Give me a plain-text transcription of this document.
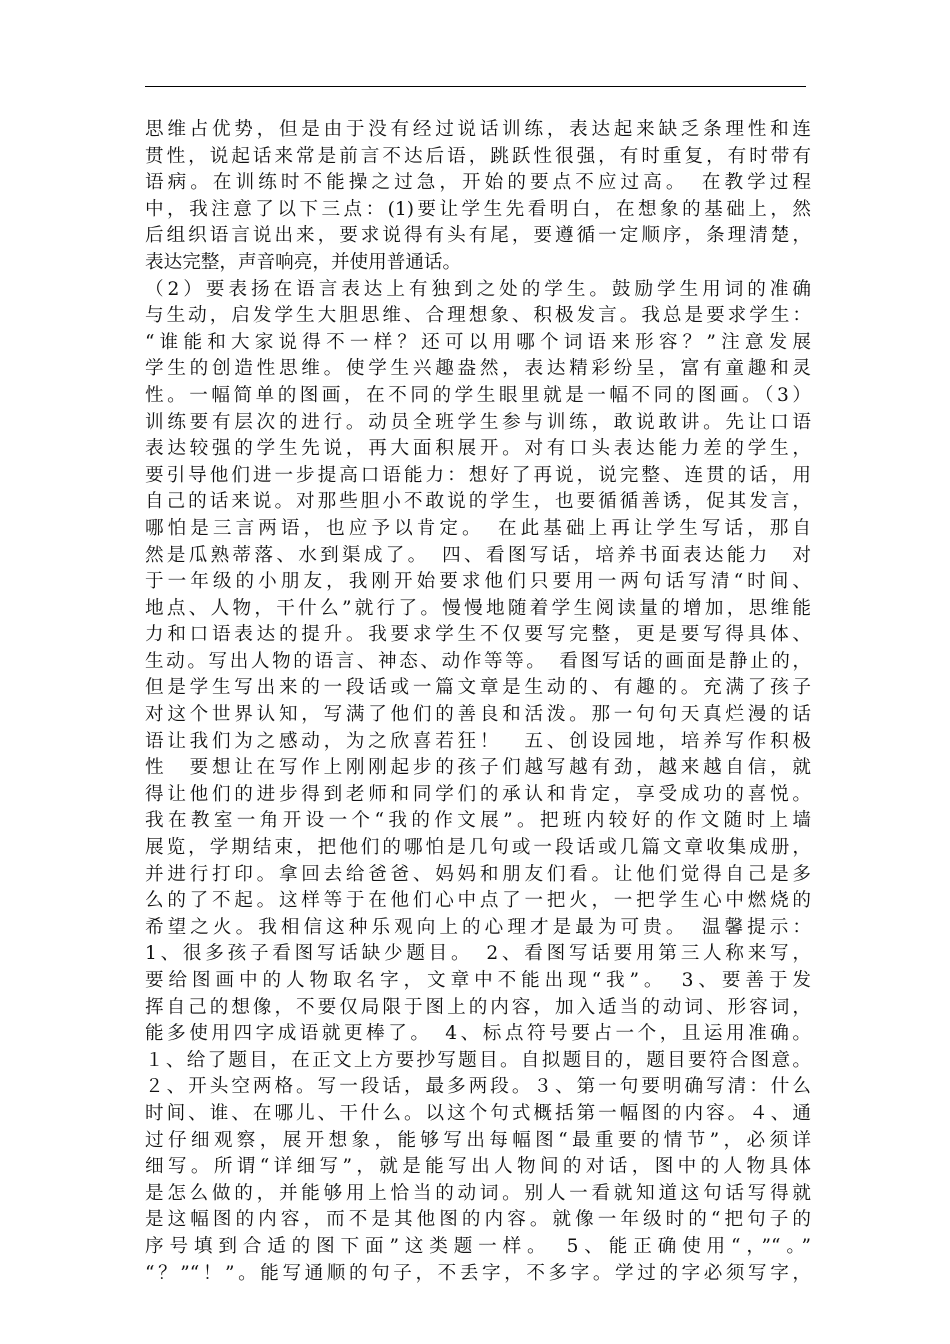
思维占优势，但是由于没有经过说话训练，表达起来缺乏条理性和连
贯性，说起话来常是前言不达后语，跳跃性很强，有时重复，有时带有
语病。在训练时不能操之过急，开始的要点不应过高。　在教学过程
中，我注意了以下三点：(1)要让学生先看明白，在想象的基础上，然
后组织语言说出来，要求说得有头有尾，要遵循一定顺序，条理清楚，
表达完整，声音响亮，并使用普通话。
（2）要表扬在语言表达上有独到之处的学生。鼓励学生用词的准确
与生动，启发学生大胆思维、合理想象、积极发言。我总是要求学生：
“谁能和大家说得不一样？还可以用哪个词语来形容？”注意发展
学生的创造性思维。使学生兴趣盎然，表达精彩纷呈，富有童趣和灵
性。一幅简单的图画，在不同的学生眼里就是一幅不同的图画。（3）
训练要有层次的进行。动员全班学生参与训练，敢说敢讲。先让口语
表达较强的学生先说，再大面积展开。对有口头表达能力差的学生，
要引导他们进一步提高口语能力：想好了再说，说完整、连贯的话，用
自己的话来说。对那些胆小不敢说的学生，也要循循善诱，促其发言，
哪怕是三言两语，也应予以肯定。　在此基础上再让学生写话，那自
然是瓜熟蒂落、水到渠成了。　四、看图写话，培养书面表达能力　对
于一年级的小朋友，我刚开始要求他们只要用一两句话写清“时间、
地点、人物，干什么”就行了。慢慢地随着学生阅读量的增加，思维能
力和口语表达的提升。我要求学生不仅要写完整，更是要写得具体、
生动。写出人物的语言、神态、动作等等。　看图写话的画面是静止的，
但是学生写出来的一段话或一篇文章是生动的、有趣的。充满了孩子
对这个世界认知，写满了他们的善良和活泼。那一句句天真烂漫的话
语让我们为之感动，为之欣喜若狂！　五、创设园地，培养写作积极
性　要想让在写作上刚刚起步的孩子们越写越有劲，越来越自信，就
得让他们的进步得到老师和同学们的承认和肯定，享受成功的喜悦。
我在教室一角开设一个“我的作文展”。把班内较好的作文随时上墙
展览，学期结束，把他们的哪怕是几句或一段话或几篇文章收集成册，
并进行打印。拿回去给爸爸、妈妈和朋友们看。让他们觉得自己是多
么的了不起。这样等于在他们心中点了一把火，一把学生心中燃烧的
希望之火。我相信这种乐观向上的心理才是最为可贵。　温馨提示：
1、很多孩子看图写话缺少题目。　2、看图写话要用第三人称来写，
要给图画中的人物取名字，文章中不能出现“我”。　3、要善于发
挥自己的想像，不要仅局限于图上的内容，加入适当的动词、形容词，
能多使用四字成语就更棒了。　4、标点符号要占一个，且运用准确。
１、给了题目，在正文上方要抄写题目。自拟题目的，题目要符合图意。
２、开头空两格。写一段话，最多两段。３、第一句要明确写清：什么
时间、谁、在哪儿、干什么。以这个句式概括第一幅图的内容。４、通
过仔细观察，展开想象，能够写出每幅图“最重要的情节”，必须详
细写。所谓“详细写”，就是能写出人物间的对话，图中的人物具体
是怎么做的，并能够用上恰当的动词。别人一看就知道这句话写得就
是这幅图的内容，而不是其他图的内容。就像一年级时的“把句子的
序号填到合适的图下面”这类题一样。　5、能正确使用“，”“。”
“？”“！”。能写通顺的句子，不丢字，不多字。学过的字必须写字，
